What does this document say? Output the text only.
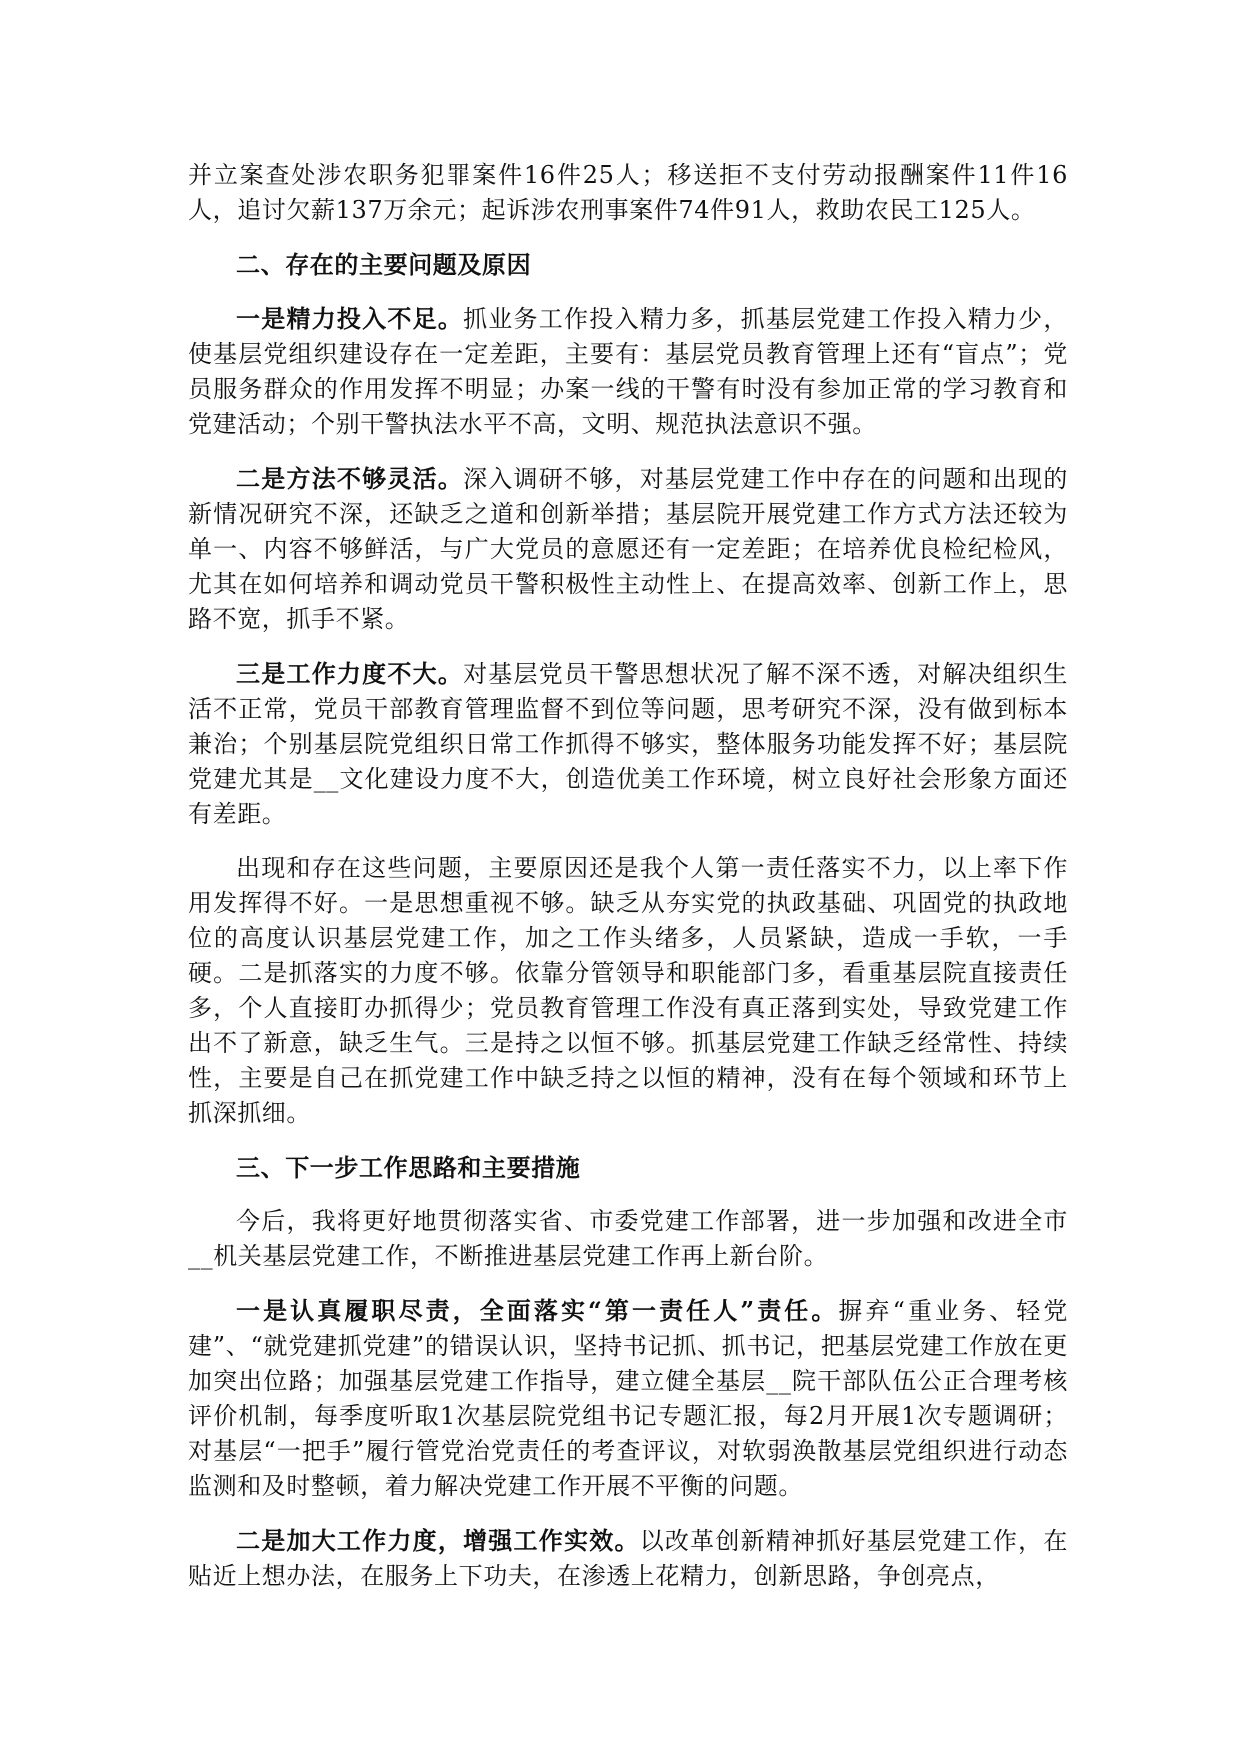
并立案查处涉农职务犯罪案件16件25人；移送拒不支付劳动报酬案件11件16人，追讨欠薪137万余元；起诉涉农刑事案件74件91人，救助农民工125人。

二、存在的主要问题及原因

一是精力投入不足。抓业务工作投入精力多，抓基层党建工作投入精力少，使基层党组织建设存在一定差距，主要有：基层党员教育管理上还有“盲点”；党员服务群众的作用发挥不明显；办案一线的干警有时没有参加正常的学习教育和党建活动；个别干警执法水平不高，文明、规范执法意识不强。

二是方法不够灵活。深入调研不够，对基层党建工作中存在的问题和出现的新情况研究不深，还缺乏之道和创新举措；基层院开展党建工作方式方法还较为单一、内容不够鲜活，与广大党员的意愿还有一定差距；在培养优良检纪检风，尤其在如何培养和调动党员干警积极性主动性上、在提高效率、创新工作上，思路不宽，抓手不紧。

三是工作力度不大。对基层党员干警思想状况了解不深不透，对解决组织生活不正常，党员干部教育管理监督不到位等问题，思考研究不深，没有做到标本兼治；个别基层院党组织日常工作抓得不够实，整体服务功能发挥不好；基层院党建尤其是__文化建设力度不大，创造优美工作环境，树立良好社会形象方面还有差距。

出现和存在这些问题，主要原因还是我个人第一责任落实不力，以上率下作用发挥得不好。一是思想重视不够。缺乏从夯实党的执政基础、巩固党的执政地位的高度认识基层党建工作，加之工作头绪多，人员紧缺，造成一手软，一手硬。二是抓落实的力度不够。依靠分管领导和职能部门多，看重基层院直接责任多，个人直接盯办抓得少；党员教育管理工作没有真正落到实处，导致党建工作出不了新意，缺乏生气。三是持之以恒不够。抓基层党建工作缺乏经常性、持续性，主要是自己在抓党建工作中缺乏持之以恒的精神，没有在每个领域和环节上抓深抓细。

三、下一步工作思路和主要措施

今后，我将更好地贯彻落实省、市委党建工作部署，进一步加强和改进全市__机关基层党建工作，不断推进基层党建工作再上新台阶。

一是认真履职尽责，全面落实“第一责任人”责任。摒弃“重业务、轻党建”、“就党建抓党建”的错误认识，坚持书记抓、抓书记，把基层党建工作放在更加突出位路；加强基层党建工作指导，建立健全基层__院干部队伍公正合理考核评价机制，每季度听取1次基层院党组书记专题汇报，每2月开展1次专题调研；对基层“一把手”履行管党治党责任的考查评议，对软弱涣散基层党组织进行动态监测和及时整顿，着力解决党建工作开展不平衡的问题。

二是加大工作力度，增强工作实效。以改革创新精神抓好基层党建工作，在贴近上想办法，在服务上下功夫，在渗透上花精力，创新思路，争创亮点，
